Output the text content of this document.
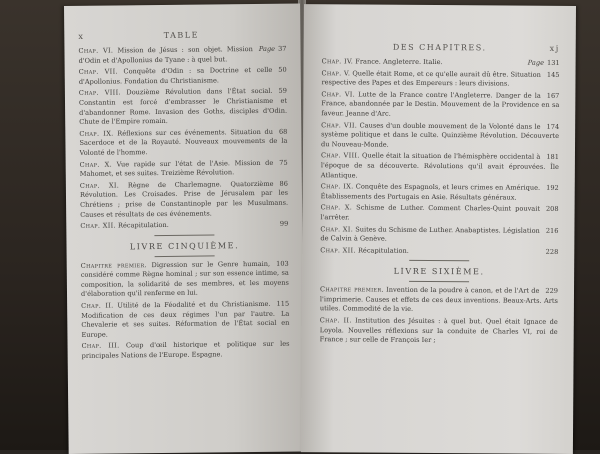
x	TABLE
Page 37
Chap. VI. Mission de Jésus : son objet. Mission d'Odin et d'Apollonius de Tyane : à quel but.
50
Chap. VII. Conquête d'Odin : sa Doctrine et celle d'Apollonius. Fondation du Christianisme.
59
Chap. VIII. Douzième Révolution dans l'État social. Constantin est forcé d'embrasser le Christianisme et d'abandonner Rome. Invasion des Goths, disciples d'Odin. Chute de l'Empire romain.
68
Chap. IX. Réflexions sur ces événements. Situation du Sacerdoce et de la Royauté. Nouveaux mouvements de la Volonté de l'homme.
75
Chap. X. Vue rapide sur l'état de l'Asie. Mission de Mahomet, et ses suites. Treizième Révolution.
86
Chap. XI. Règne de Charlemagne. Quatorzième Révolution. Les Croisades. Prise de Jérusalem par les Chrétiens ; prise de Constantinople par les Musulmans. Causes et résultats de ces événements.
99
Chap. XII. Récapitulation.
LIVRE CINQUIÈME.
103
Chapitre premier. Digression sur le Genre humain, considéré comme Règne hominal ; sur son essence intime, sa composition, la solidarité de ses membres, et les moyens d'élaboration qu'il renferme en lui.
115
Chap. II. Utilité de la Féodalité et du Christianisme. Modification de ces deux régimes l'un par l'autre. La Chevalerie et ses suites. Réformation de l'État social en Europe.
Chap. III. Coup d'œil historique et politique sur les principales Nations de l'Europe. Espagne.
DES CHAPITRES.	xj
Page 131
Chap. IV. France. Angleterre. Italie.
145
Chap. V. Quelle était Rome, et ce qu'elle aurait dû être. Situation respective des Papes et des Empereurs : leurs divisions.
167
Chap. VI. Lutte de la France contre l'Angleterre. Danger de la France, abandonnée par le Destin. Mouvement de la Providence en sa faveur. Jeanne d'Arc.
174
Chap. VII. Causes d'un double mouvement de la Volonté dans le système politique et dans le culte. Quinzième Révolution. Découverte du Nouveau-Monde.
181
Chap. VIII. Quelle était la situation de l'hémisphère occidental à l'époque de sa découverte. Révolutions qu'il avait éprouvées. Île Atlantique.
192
Chap. IX. Conquête des Espagnols, et leurs crimes en Amérique. Établissements des Portugais en Asie. Résultats généraux.
208
Chap. X. Schisme de Luther. Comment Charles-Quint pouvait l'arrêter.
216
Chap. XI. Suites du Schisme de Luther. Anabaptistes. Législation de Calvin à Genève.
228
Chap. XII. Récapitulation.
LIVRE SIXIÈME.
229
Chapitre premier. Invention de la poudre à canon, et de l'Art de l'imprimerie. Causes et effets de ces deux inventions. Beaux-Arts. Arts utiles. Commodité de la vie.
Chap. II. Institution des Jésuites : à quel but. Quel était Ignace de Loyola. Nouvelles réflexions sur la conduite de Charles VI, roi de France ; sur celle de François Ier ;
